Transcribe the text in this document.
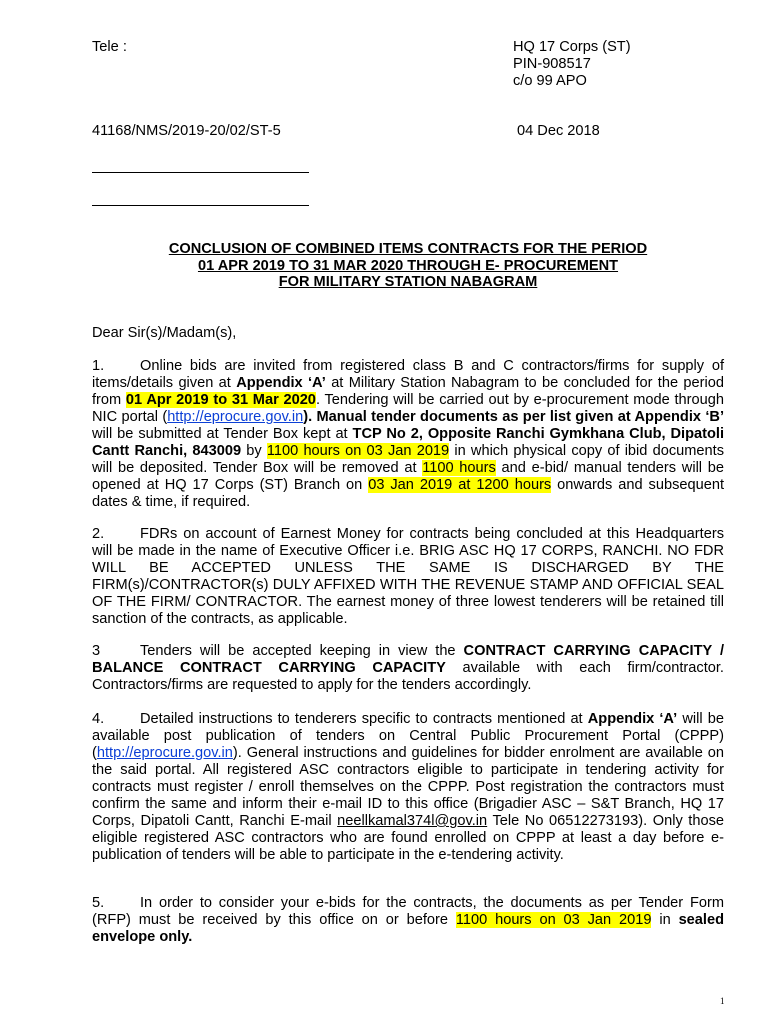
Tele :	HQ 17 Corps (ST)
PIN-908517
c/o 99 APO
41168/NMS/2019-20/02/ST-5	04 Dec 2018
CONCLUSION OF COMBINED ITEMS CONTRACTS FOR THE PERIOD
01 APR 2019 TO 31 MAR 2020 THROUGH E- PROCUREMENT
FOR MILITARY STATION NABAGRAM
Dear Sir(s)/Madam(s),
1. Online bids are invited from registered class B and C contractors/firms for supply of items/details given at Appendix ‘A’ at Military Station Nabagram to be concluded for the period from 01 Apr 2019 to 31 Mar 2020. Tendering will be carried out by e-procurement mode through NIC portal (http://eprocure.gov.in). Manual tender documents as per list given at Appendix ‘B’ will be submitted at Tender Box kept at TCP No 2, Opposite Ranchi Gymkhana Club, Dipatoli Cantt Ranchi, 843009 by 1100 hours on 03 Jan 2019 in which physical copy of ibid documents will be deposited. Tender Box will be removed at 1100 hours and e-bid/ manual tenders will be opened at HQ 17 Corps (ST) Branch on 03 Jan 2019 at 1200 hours onwards and subsequent dates & time, if required.
2. FDRs on account of Earnest Money for contracts being concluded at this Headquarters will be made in the name of Executive Officer i.e. BRIG ASC HQ 17 CORPS, RANCHI. NO FDR WILL BE ACCEPTED UNLESS THE SAME IS DISCHARGED BY THE FIRM(s)/CONTRACTOR(s) DULY AFFIXED WITH THE REVENUE STAMP AND OFFICIAL SEAL OF THE FIRM/ CONTRACTOR. The earnest money of three lowest tenderers will be retained till sanction of the contracts, as applicable.
3	Tenders will be accepted keeping in view the CONTRACT CARRYING CAPACITY / BALANCE CONTRACT CARRYING CAPACITY available with each firm/contractor. Contractors/firms are requested to apply for the tenders accordingly.
4. Detailed instructions to tenderers specific to contracts mentioned at Appendix ‘A’ will be available post publication of tenders on Central Public Procurement Portal (CPPP) (http://eprocure.gov.in). General instructions and guidelines for bidder enrolment are available on the said portal. All registered ASC contractors eligible to participate in tendering activity for contracts must register / enroll themselves on the CPPP. Post registration the contractors must confirm the same and inform their e-mail ID to this office (Brigadier ASC – S&T Branch, HQ 17 Corps, Dipatoli Cantt, Ranchi E-mail neellkamal374l@gov.in Tele No 06512273193). Only those eligible registered ASC contractors who are found enrolled on CPPP at least a day before e-publication of tenders will be able to participate in the e-tendering activity.
5. In order to consider your e-bids for the contracts, the documents as per Tender Form (RFP) must be received by this office on or before 1100 hours on 03 Jan 2019 in sealed envelope only.
1
